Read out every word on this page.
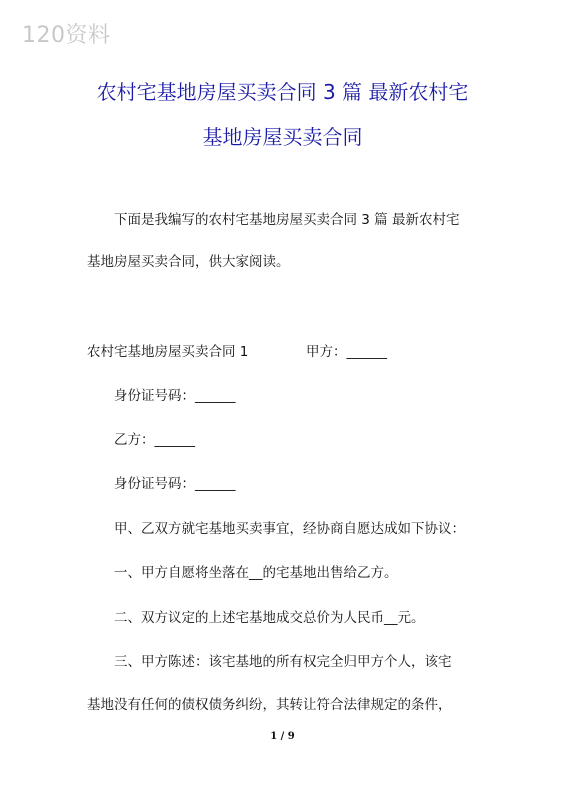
120资料
农村宅基地房屋买卖合同 3 篇 最新农村宅
基地房屋买卖合同
下面是我编写的农村宅基地房屋买卖合同 3 篇 最新农村宅
基地房屋买卖合同，供大家阅读。
农村宅基地房屋买卖合同 1	甲方：______
身份证号码：______
乙方：______
身份证号码：______
甲、乙双方就宅基地买卖事宜，经协商自愿达成如下协议：
一、甲方自愿将坐落在__的宅基地出售给乙方。
二、双方议定的上述宅基地成交总价为人民币__元。
三、甲方陈述：该宅基地的所有权完全归甲方个人，该宅
基地没有任何的债权债务纠纷，其转让符合法律规定的条件，
1 / 9
